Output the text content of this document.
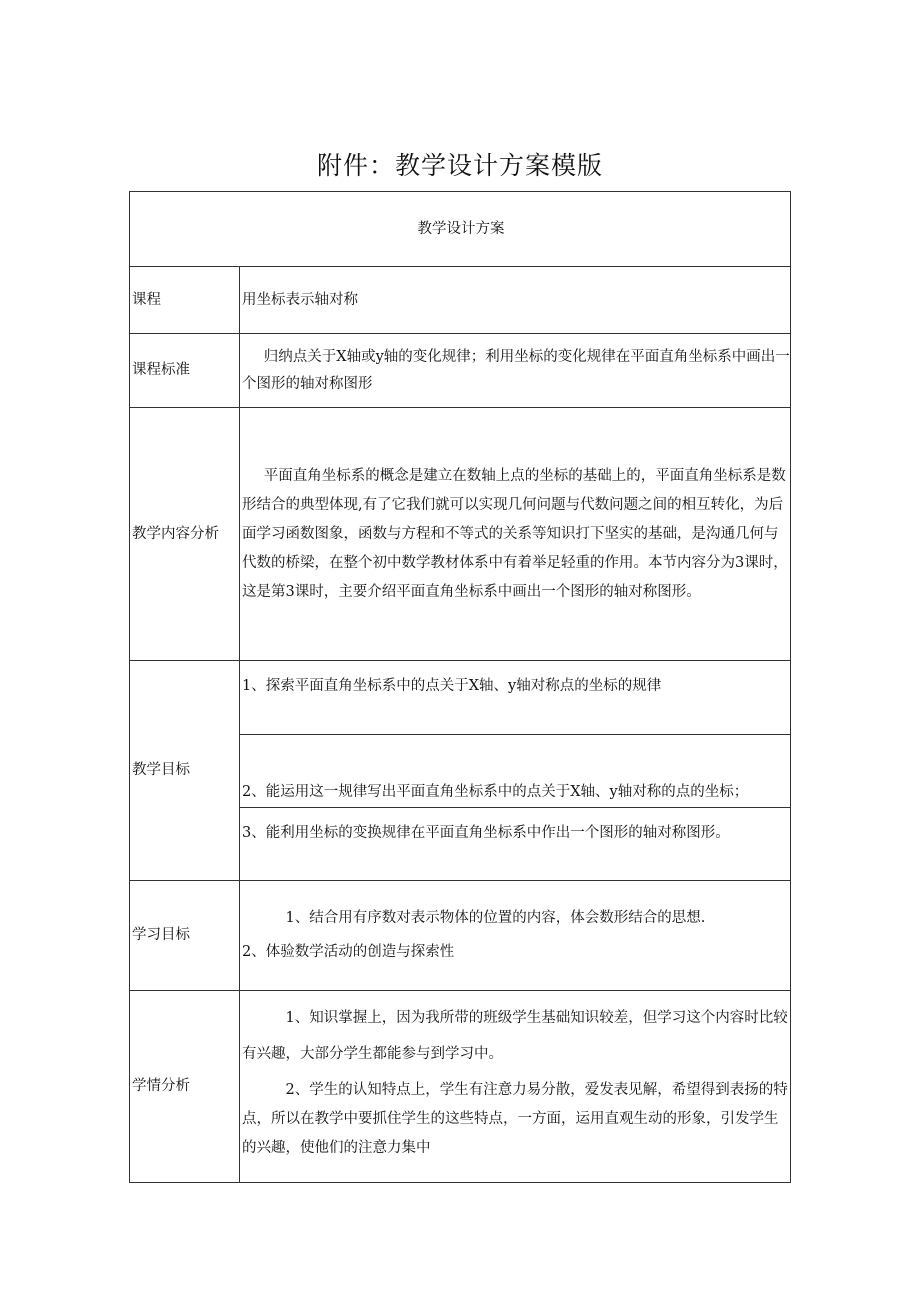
附件：教学设计方案模版
教学设计方案	
课程	用坐标表示轴对称
课程标准	归纳点关于X轴或y轴的变化规律；利用坐标的变化规律在平面直角坐标系中画出一个图形的轴对称图形

教学内容分析	平面直角坐标系的概念是建立在数轴上点的坐标的基础上的，平面直角坐标系是数形结合的典型体现,有了它我们就可以实现几何问题与代数问题之间的相互转化，为后面学习函数图象，函数与方程和不等式的关系等知识打下坚实的基础，是沟通几何与代数的桥梁，在整个初中数学教材体系中有着举足轻重的作用。本节内容分为3课时，这是第3课时，主要介绍平面直角坐标系中画出一个图形的轴对称图形。

教学目标	1、探索平面直角坐标系中的点关于X轴、y轴对称点的坐标的规律
	2、能运用这一规律写出平面直角坐标系中的点关于X轴、y轴对称的点的坐标；
	3、能利用坐标的变换规律在平面直角坐标系中作出一个图形的轴对称图形。
学习目标	1、结合用有序数对表示物体的位置的内容，体会数形结合的思想.

2、体验数学活动的创造与探索性

学情分析	1、知识掌握上，因为我所带的班级学生基础知识较差，但学习这个内容时比较有兴趣，大部分学生都能参与到学习中。

2、学生的认知特点上，学生有注意力易分散，爱发表见解，希望得到表扬的特点，所以在教学中要抓住学生的这些特点，一方面，运用直观生动的形象，引发学生的兴趣，使他们的注意力集中
